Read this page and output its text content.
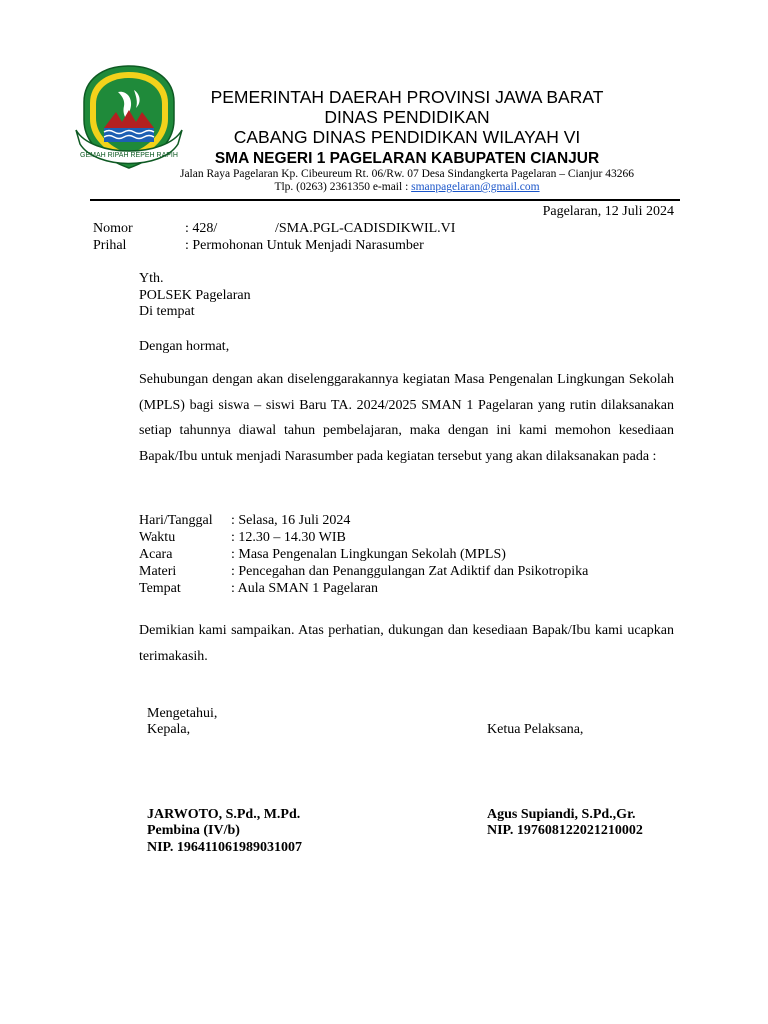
GEMAH RIPAH REPEH RAPIH
PEMERINTAH DAERAH PROVINSI JAWA BARAT
DINAS PENDIDIKAN
CABANG DINAS PENDIDIKAN WILAYAH VI
SMA NEGERI 1 PAGELARAN KABUPATEN CIANJUR
Jalan Raya Pagelaran Kp. Cibeureum Rt. 06/Rw. 07 Desa Sindangkerta Pagelaran – Cianjur 43266
Tlp. (0263) 2361350 e-mail : smanpagelaran@gmail.com
Pagelaran, 12 Juli 2024
Nomor	: 428/	/SMA.PGL-CADISDIKWIL.VI
Prihal	: Permohonan Untuk Menjadi Narasumber
Yth.
POLSEK Pagelaran
Di tempat
Dengan hormat,
Sehubungan dengan akan diselenggarakannya kegiatan Masa Pengenalan Lingkungan Sekolah (MPLS) bagi siswa – siswi Baru TA. 2024/2025 SMAN 1 Pagelaran yang rutin dilaksanakan setiap tahunnya diawal tahun pembelajaran, maka dengan ini kami memohon kesediaan Bapak/Ibu untuk menjadi Narasumber pada kegiatan tersebut yang akan dilaksanakan pada :
Hari/Tanggal	: Selasa, 16 Juli 2024
Waktu	: 12.30 – 14.30 WIB
Acara	: Masa Pengenalan Lingkungan Sekolah (MPLS)
Materi	: Pencegahan dan Penanggulangan Zat Adiktif dan Psikotropika
Tempat	: Aula SMAN 1 Pagelaran
Demikian kami sampaikan. Atas perhatian, dukungan dan kesediaan Bapak/Ibu kami ucapkan terimakasih.
Mengetahui,
Kepala,	Ketua Pelaksana,
JARWOTO, S.Pd., M.Pd.
Pembina (IV/b)
NIP. 196411061989031007
Agus Supiandi, S.Pd.,Gr.
NIP. 197608122021210002
